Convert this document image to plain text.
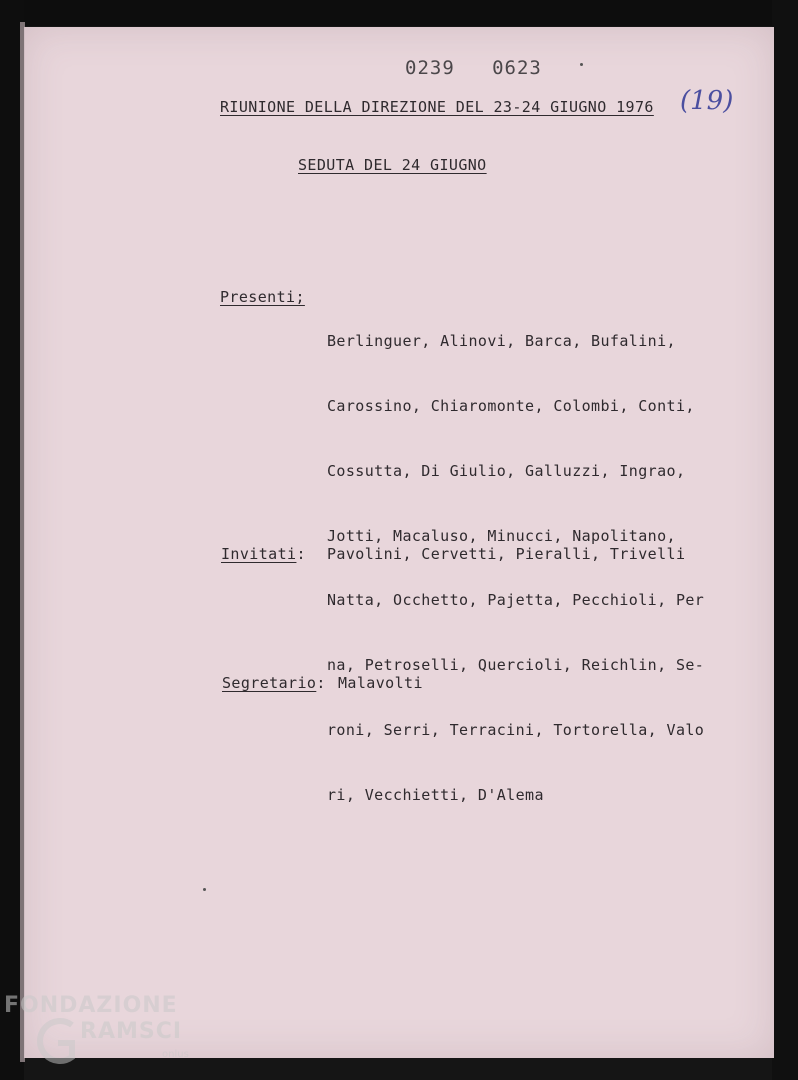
0239   0623
(19)
RIUNIONE DELLA DIREZIONE DEL 23-24 GIUGNO 1976
SEDUTA DEL 24 GIUGNO
Presenti;

Berlinguer, Alinovi, Barca, Bufalini,

Carossino, Chiaromonte, Colombi, Conti,

Cossutta, Di Giulio, Galluzzi, Ingrao,

Jotti, Macaluso, Minucci, Napolitano,

Natta, Occhetto, Pajetta, Pecchioli, Per

na, Petroselli, Quercioli, Reichlin, Se-

roni, Serri, Terracini, Tortorella, Valo

ri, Vecchietti, D'Alema

Invitati: Pavolini, Cervetti, Pieralli, Trivelli
Segretario: Malavolti
FONDAZIONE
RAMSCI
onlus
